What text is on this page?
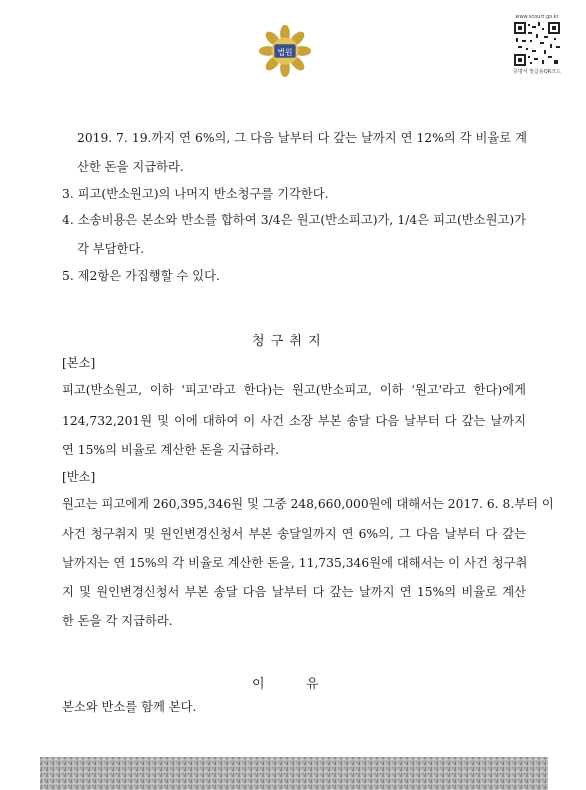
법원
www.scourt.go.kr
증명서 발급용QR코드
2019. 7. 19.까지 연 6%의, 그 다음 날부터 다 갚는 날까지 연 12%의 각 비율로 계
산한 돈을 지급하라.
3. 피고(반소원고)의 나머지 반소청구를 기각한다.
4. 소송비용은 본소와 반소를 합하여 3/4은 원고(반소피고)가, 1/4은 피고(반소원고)가
각 부담한다.
5. 제2항은 가집행할 수 있다.
청 구 취 지
[본소]
피고(반소원고, 이하 '피고'라고 한다)는 원고(반소피고, 이하 '원고'라고 한다)에게
124,732,201원 및 이에 대하여 이 사건 소장 부본 송달 다음 날부터 다 갚는 날까지
연 15%의 비율로 계산한 돈을 지급하라.
[반소]
원고는 피고에게 260,395,346원 및 그중 248,660,000원에 대해서는 2017. 6. 8.부터 이
사건 청구취지 및 원인변경신청서 부본 송달일까지 연 6%의, 그 다음 날부터 다 갚는
날까지는 연 15%의 각 비율로 계산한 돈을, 11,735,346원에 대해서는 이 사건 청구취
지 및 원인변경신청서 부본 송달 다음 날부터 다 갚는 날까지 연 15%의 비율로 계산
한 돈을 각 지급하라.
이	유
본소와 반소를 함께 본다.
